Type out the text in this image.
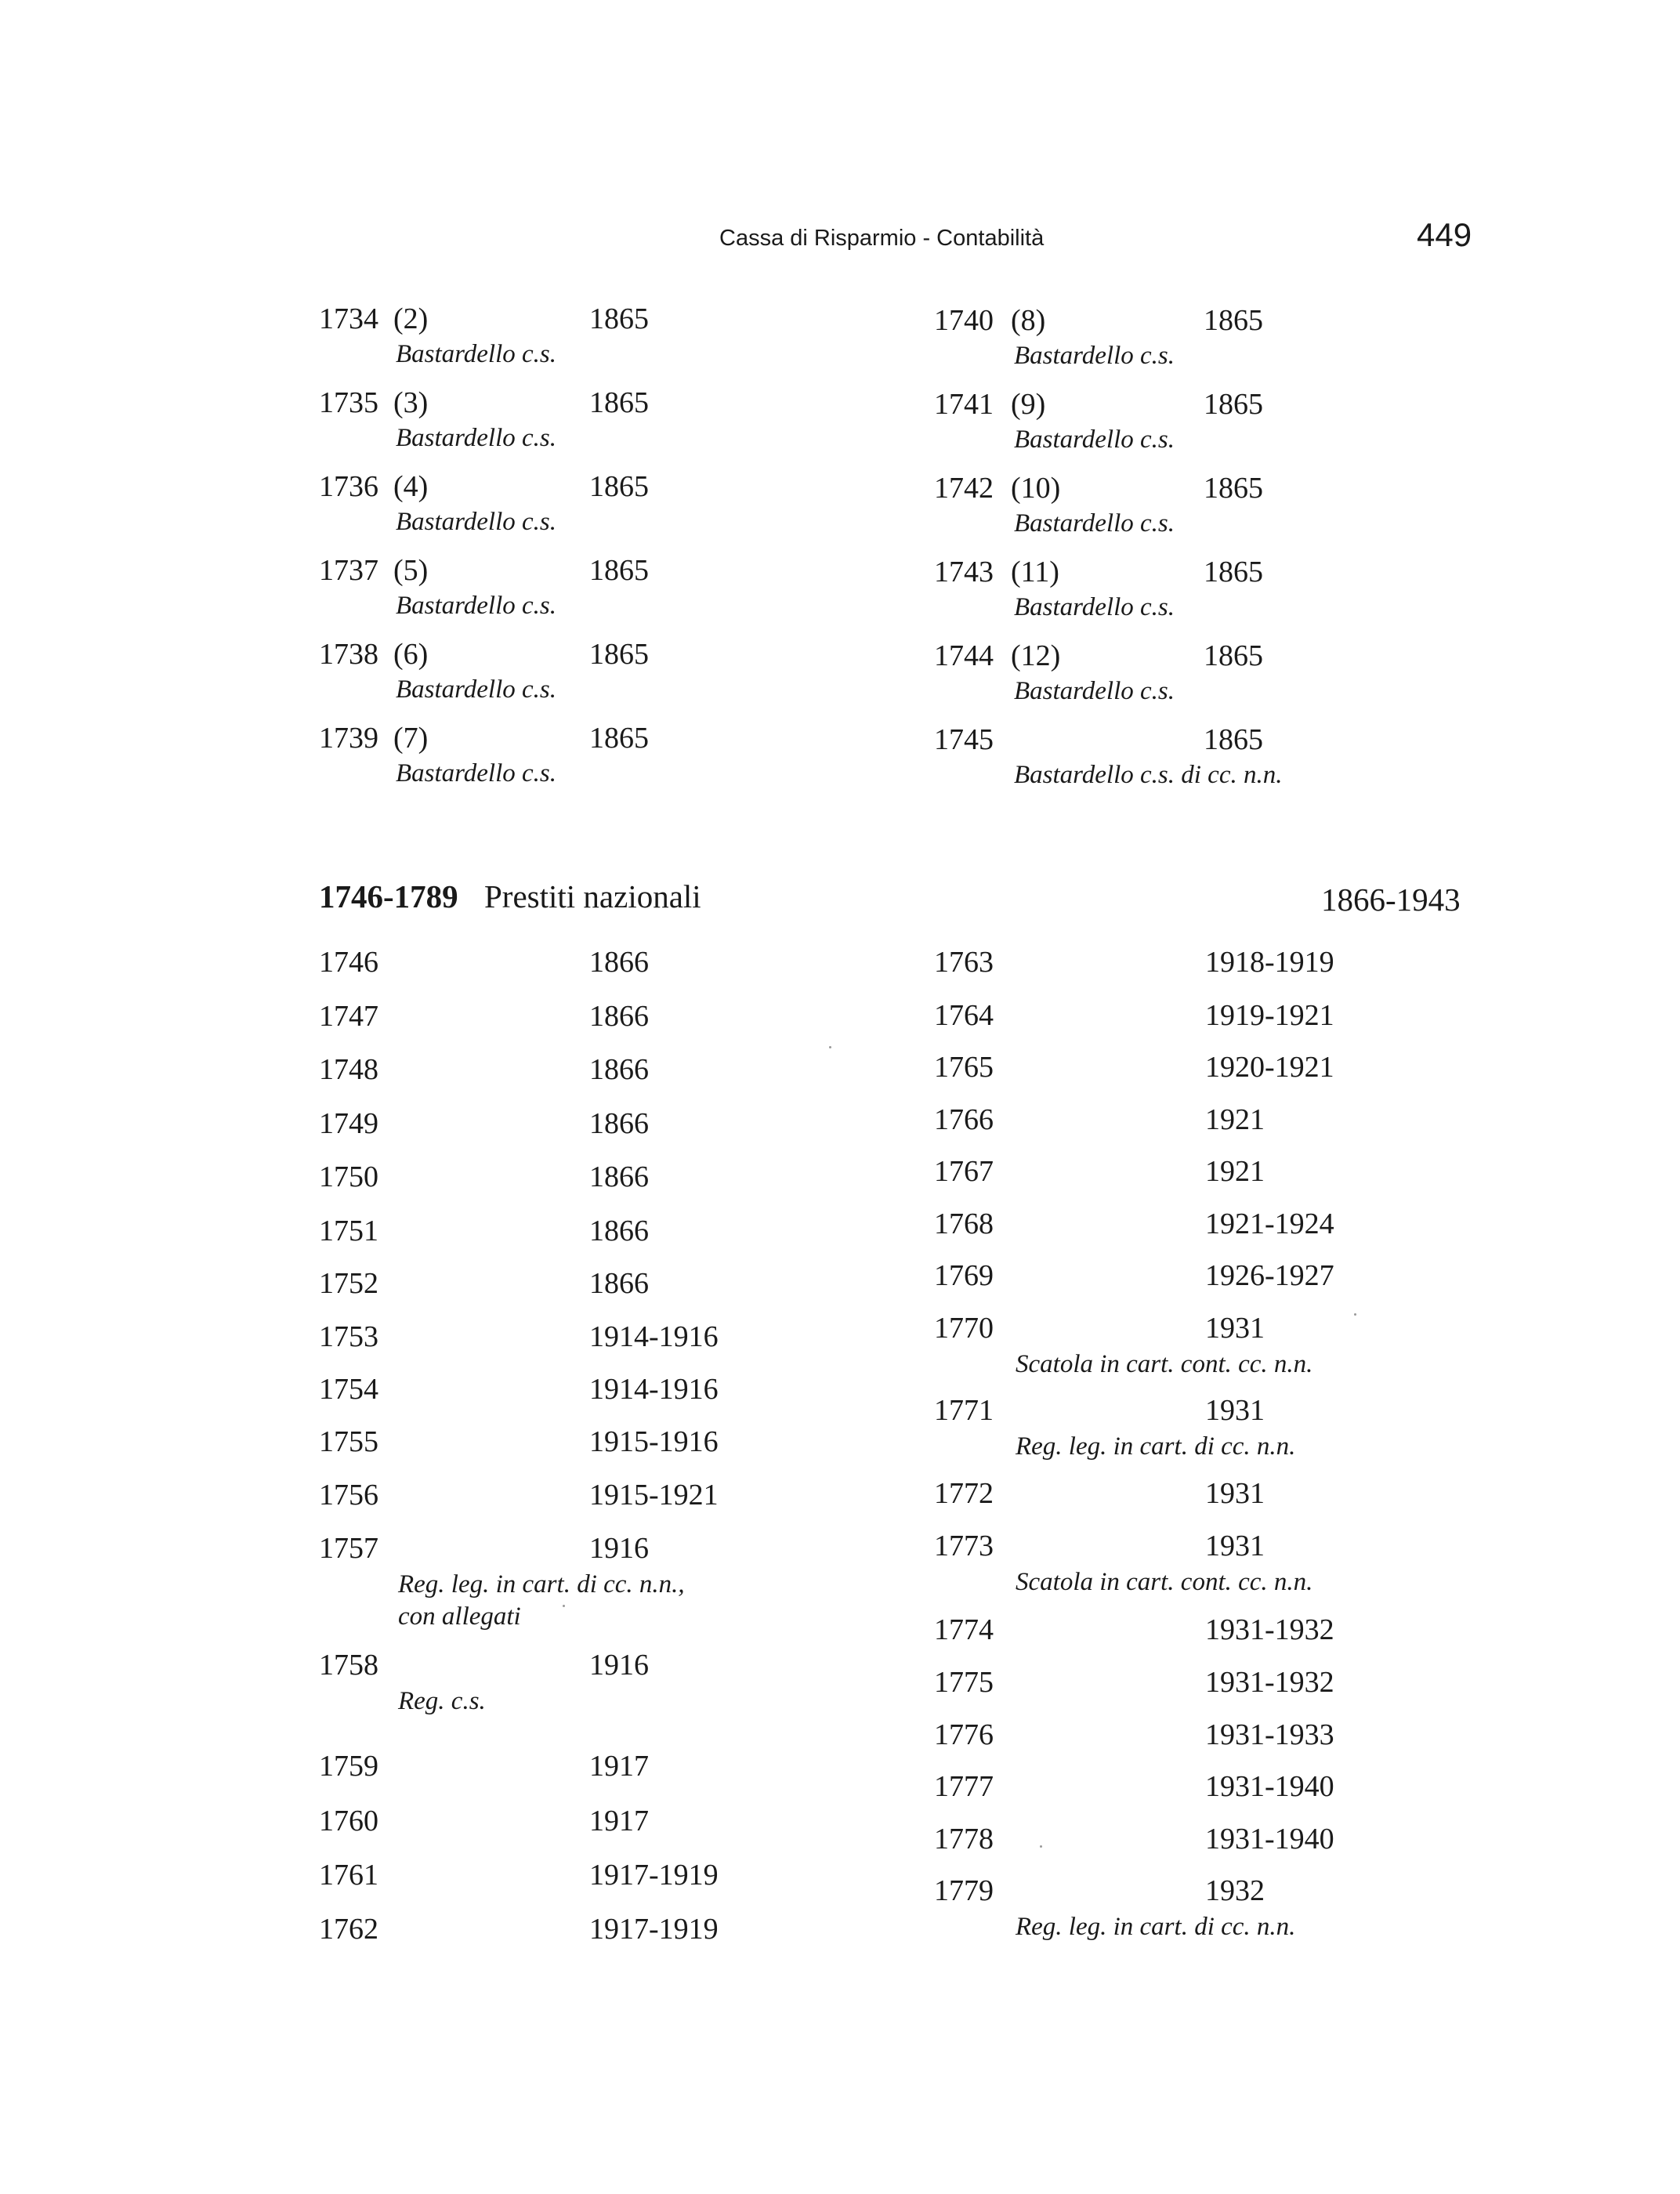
Cassa di Risparmio - Contabilità	449
1734 (2)	1865
Bastardello c.s.
1735 (3)	1865
Bastardello c.s.
1736 (4)	1865
Bastardello c.s.
1737 (5)	1865
Bastardello c.s.
1738 (6)	1865
Bastardello c.s.
1739 (7)	1865
Bastardello c.s.
1740 (8)	1865
Bastardello c.s.
1741 (9)	1865
Bastardello c.s.
1742 (10)	1865
Bastardello c.s.
1743 (11)	1865
Bastardello c.s.
1744 (12)	1865
Bastardello c.s.
1745	1865
Bastardello c.s. di cc. n.n.
1746-1789 Prestiti nazionali	1866-1943
1746	1866
1747	1866
1748	1866
1749	1866
1750	1866
1751	1866
1752	1866
1753	1914-1916
1754	1914-1916
1755	1915-1916
1756	1915-1921
1757	1916
Reg. leg. in cart. di cc. n.n.,
con allegati
1758	1916
Reg. c.s.
1759	1917
1760	1917
1761	1917-1919
1762	1917-1919
1763	1918-1919
1764	1919-1921
1765	1920-1921
1766	1921
1767	1921
1768	1921-1924
1769	1926-1927
1770	1931
Scatola in cart. cont. cc. n.n.
1771	1931
Reg. leg. in cart. di cc. n.n.
1772	1931
1773	1931
Scatola in cart. cont. cc. n.n.
1774	1931-1932
1775	1931-1932
1776	1931-1933
1777	1931-1940
1778	1931-1940
1779	1932
Reg. leg. in cart. di cc. n.n.
